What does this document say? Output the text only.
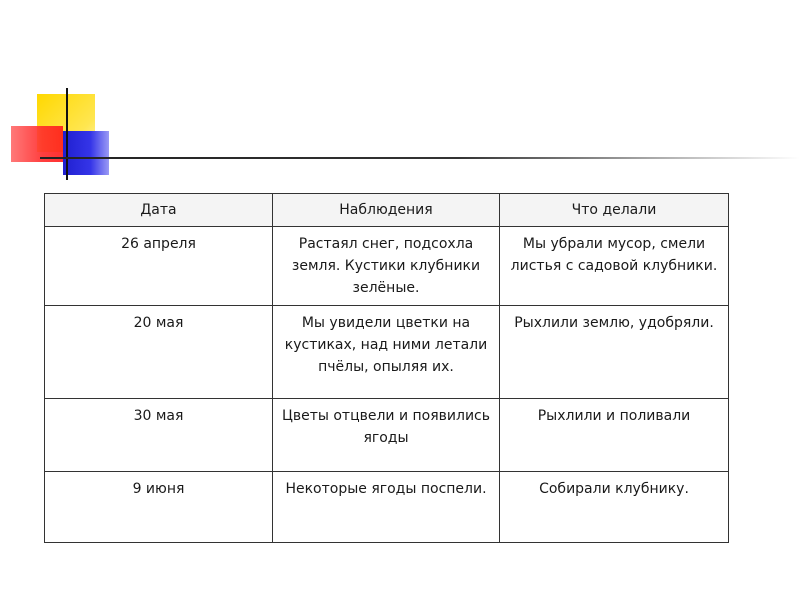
Дата	Наблюдения	Что делали
26 апреля	Растаял снег, подсохла земля. Кустики клубники зелёные.	Мы убрали мусор, смели листья с садовой клубники.
20 мая	Мы увидели цветки на кустиках, над ними летали пчёлы, опыляя их.	Рыхлили землю, удобряли.
30 мая	Цветы отцвели и появились ягоды	Рыхлили и поливали
9 июня	Некоторые ягоды поспели.	Собирали клубнику.
